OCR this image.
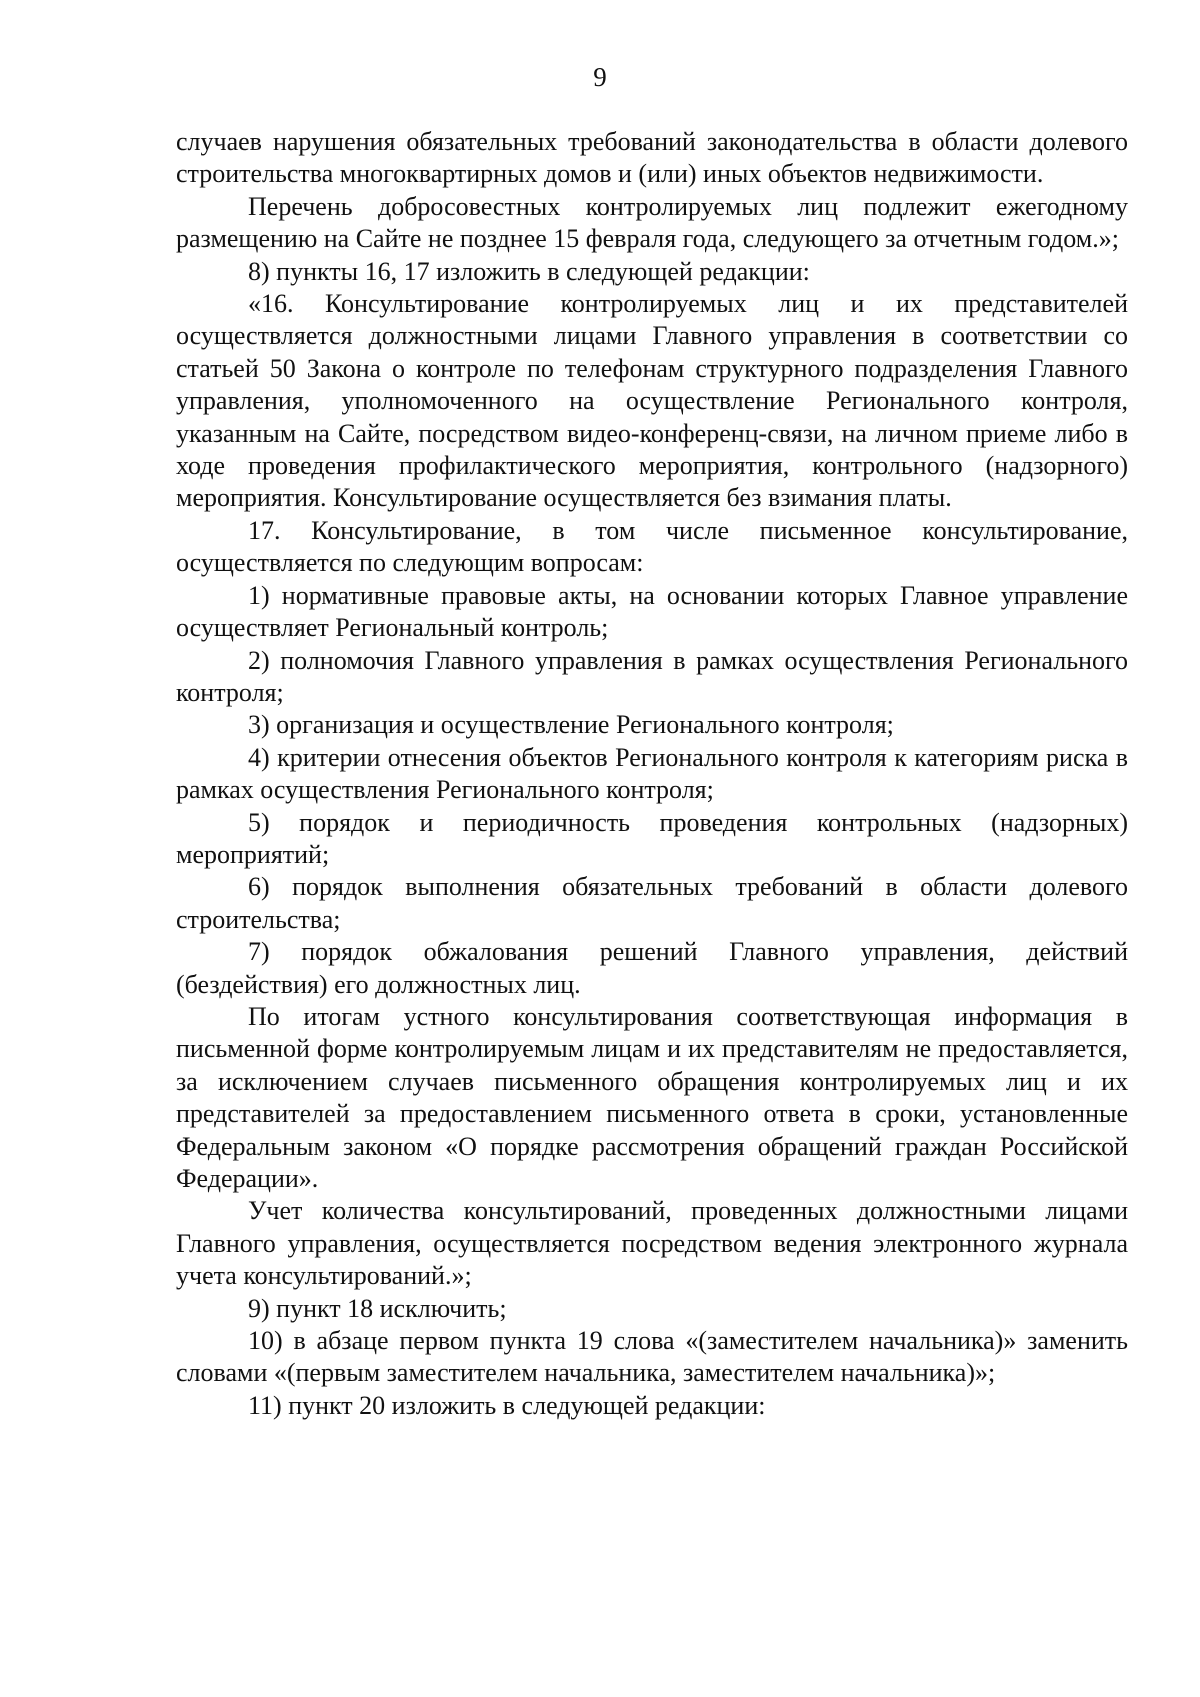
9

случаев нарушения обязательных требований законодательства в области долевого строительства многоквартирных домов и (или) иных объектов недвижимости.

Перечень добросовестных контролируемых лиц подлежит ежегодному размещению на Сайте не позднее 15 февраля года, следующего за отчетным годом.»;

8) пункты 16, 17 изложить в следующей редакции:

«16. Консультирование контролируемых лиц и их представителей осуществляется должностными лицами Главного управления в соответствии со статьей 50 Закона о контроле по телефонам структурного подразделения Главного управления, уполномоченного на осуществление Регионального контроля, указанным на Сайте, посредством видео-конференц-связи, на личном приеме либо в ходе проведения профилактического мероприятия, контрольного (надзорного) мероприятия. Консультирование осуществляется без взимания платы.

17. Консультирование, в том числе письменное консультирование, осуществляется по следующим вопросам:

1) нормативные правовые акты, на основании которых Главное управление осуществляет Региональный контроль;

2) полномочия Главного управления в рамках осуществления Регионального контроля;

3) организация и осуществление Регионального контроля;

4) критерии отнесения объектов Регионального контроля к категориям риска в рамках осуществления Регионального контроля;

5) порядок и периодичность проведения контрольных (надзорных) мероприятий;

6) порядок выполнения обязательных требований в области долевого строительства;

7) порядок обжалования решений Главного управления, действий (бездействия) его должностных лиц.

По итогам устного консультирования соответствующая информация в письменной форме контролируемым лицам и их представителям не предоставляется, за исключением случаев письменного обращения контролируемых лиц и их представителей за предоставлением письменного ответа в сроки, установленные Федеральным законом «О порядке рассмотрения обращений граждан Российской Федерации».

Учет количества консультирований, проведенных должностными лицами Главного управления, осуществляется посредством ведения электронного журнала учета консультирований.»;

9) пункт 18 исключить;

10) в абзаце первом пункта 19 слова «(заместителем начальника)» заменить словами «(первым заместителем начальника, заместителем начальника)»;

11) пункт 20 изложить в следующей редакции:
